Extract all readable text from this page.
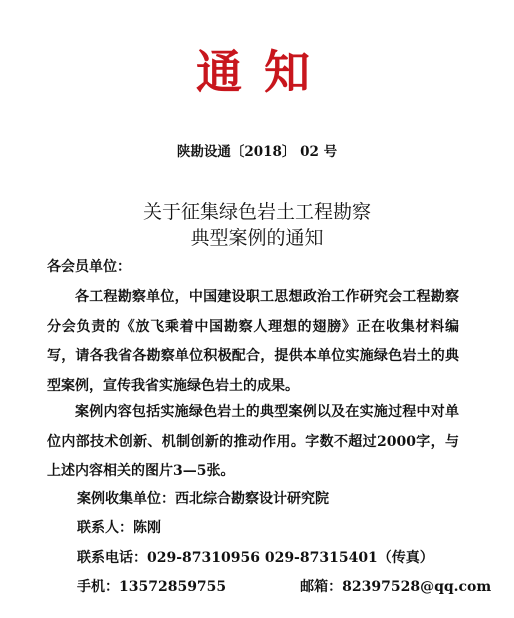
通知
陕勘设通〔2018〕 02 号
关于征集绿色岩土工程勘察
典型案例的通知
各会员单位：
各工程勘察单位，中国建设职工思想政治工作研究会工程勘察分会负责的《放飞乘着中国勘察人理想的翅膀》正在收集材料编写，请各我省各勘察单位积极配合，提供本单位实施绿色岩土的典型案例，宣传我省实施绿色岩土的成果。
案例内容包括实施绿色岩土的典型案例以及在实施过程中对单位内部技术创新、机制创新的推动作用。字数不超过2000字，与上述内容相关的图片3—5张。
案例收集单位：西北综合勘察设计研究院
联系人：陈刚
联系电话：029-87310956 029-87315401（传真）
手机：13572859755	邮箱：82397528@qq.com
